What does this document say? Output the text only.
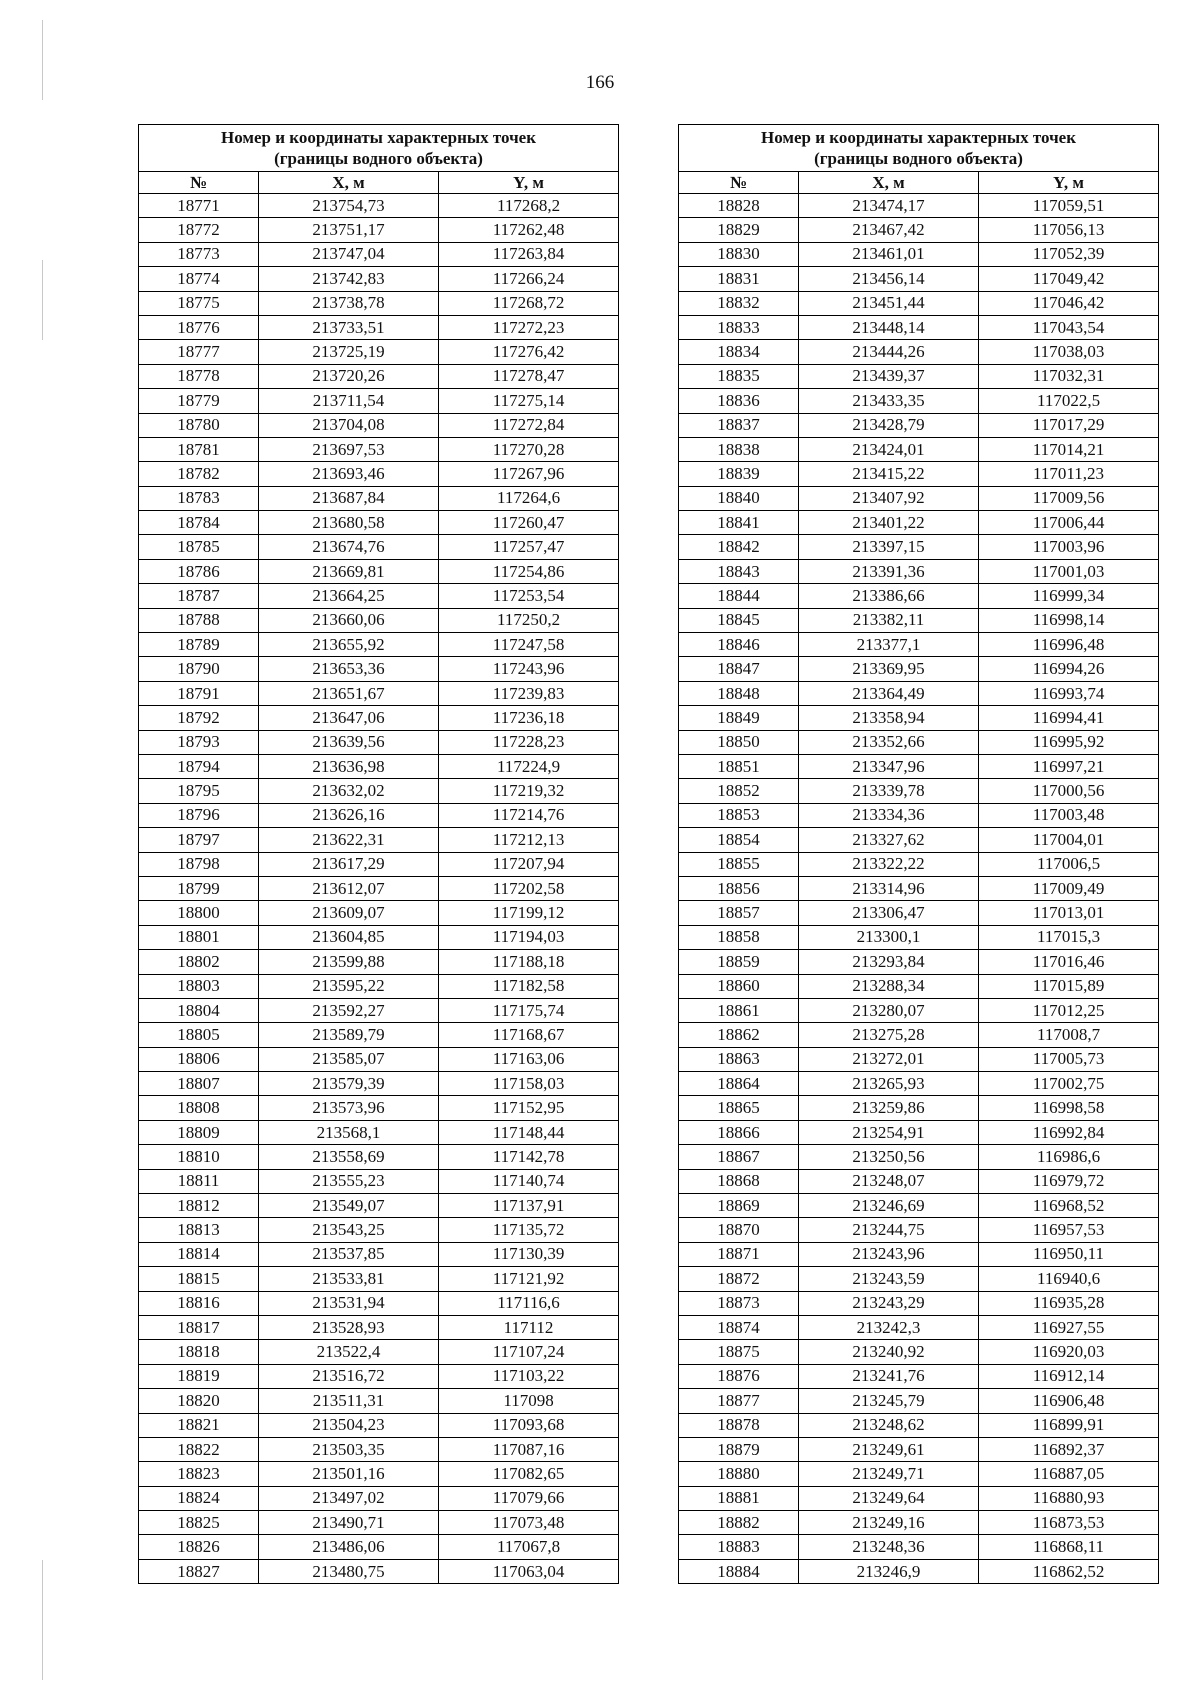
166
Номер и координаты характерных точек
(границы водного объекта)		

№	X, м	Y, м
18771	213754,73	117268,2
18772	213751,17	117262,48
18773	213747,04	117263,84
18774	213742,83	117266,24
18775	213738,78	117268,72
18776	213733,51	117272,23
18777	213725,19	117276,42
18778	213720,26	117278,47
18779	213711,54	117275,14
18780	213704,08	117272,84
18781	213697,53	117270,28
18782	213693,46	117267,96
18783	213687,84	117264,6
18784	213680,58	117260,47
18785	213674,76	117257,47
18786	213669,81	117254,86
18787	213664,25	117253,54
18788	213660,06	117250,2
18789	213655,92	117247,58
18790	213653,36	117243,96
18791	213651,67	117239,83
18792	213647,06	117236,18
18793	213639,56	117228,23
18794	213636,98	117224,9
18795	213632,02	117219,32
18796	213626,16	117214,76
18797	213622,31	117212,13
18798	213617,29	117207,94
18799	213612,07	117202,58
18800	213609,07	117199,12
18801	213604,85	117194,03
18802	213599,88	117188,18
18803	213595,22	117182,58
18804	213592,27	117175,74
18805	213589,79	117168,67
18806	213585,07	117163,06
18807	213579,39	117158,03
18808	213573,96	117152,95
18809	213568,1	117148,44
18810	213558,69	117142,78
18811	213555,23	117140,74
18812	213549,07	117137,91
18813	213543,25	117135,72
18814	213537,85	117130,39
18815	213533,81	117121,92
18816	213531,94	117116,6
18817	213528,93	117112
18818	213522,4	117107,24
18819	213516,72	117103,22
18820	213511,31	117098
18821	213504,23	117093,68
18822	213503,35	117087,16
18823	213501,16	117082,65
18824	213497,02	117079,66
18825	213490,71	117073,48
18826	213486,06	117067,8
18827	213480,75	117063,04
Номер и координаты характерных точек
(границы водного объекта)		

№	X, м	Y, м
18828	213474,17	117059,51
18829	213467,42	117056,13
18830	213461,01	117052,39
18831	213456,14	117049,42
18832	213451,44	117046,42
18833	213448,14	117043,54
18834	213444,26	117038,03
18835	213439,37	117032,31
18836	213433,35	117022,5
18837	213428,79	117017,29
18838	213424,01	117014,21
18839	213415,22	117011,23
18840	213407,92	117009,56
18841	213401,22	117006,44
18842	213397,15	117003,96
18843	213391,36	117001,03
18844	213386,66	116999,34
18845	213382,11	116998,14
18846	213377,1	116996,48
18847	213369,95	116994,26
18848	213364,49	116993,74
18849	213358,94	116994,41
18850	213352,66	116995,92
18851	213347,96	116997,21
18852	213339,78	117000,56
18853	213334,36	117003,48
18854	213327,62	117004,01
18855	213322,22	117006,5
18856	213314,96	117009,49
18857	213306,47	117013,01
18858	213300,1	117015,3
18859	213293,84	117016,46
18860	213288,34	117015,89
18861	213280,07	117012,25
18862	213275,28	117008,7
18863	213272,01	117005,73
18864	213265,93	117002,75
18865	213259,86	116998,58
18866	213254,91	116992,84
18867	213250,56	116986,6
18868	213248,07	116979,72
18869	213246,69	116968,52
18870	213244,75	116957,53
18871	213243,96	116950,11
18872	213243,59	116940,6
18873	213243,29	116935,28
18874	213242,3	116927,55
18875	213240,92	116920,03
18876	213241,76	116912,14
18877	213245,79	116906,48
18878	213248,62	116899,91
18879	213249,61	116892,37
18880	213249,71	116887,05
18881	213249,64	116880,93
18882	213249,16	116873,53
18883	213248,36	116868,11
18884	213246,9	116862,52
